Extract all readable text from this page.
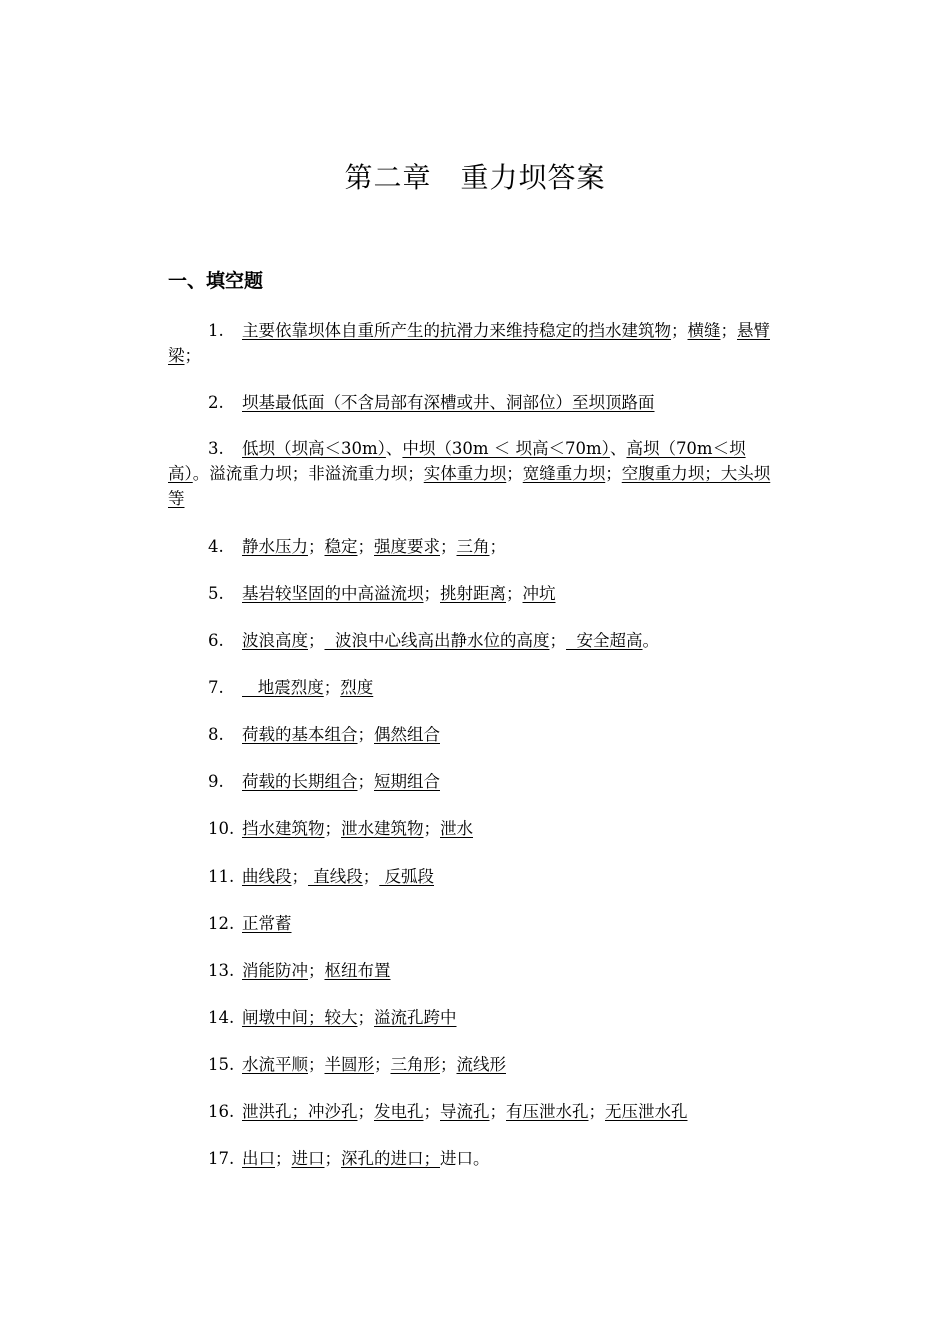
第二章　重力坝答案
一、填空题
1. 主要依靠坝体自重所产生的抗滑力来维持稳定的挡水建筑物；横缝；悬臂梁；
2. 坝基最低面（不含局部有深槽或井、洞部位）至坝顶路面
3. 低坝（坝高＜30m）、中坝（30m ＜ 坝高＜70m）、高坝（70m＜坝高）。溢流重力坝；非溢流重力坝；实体重力坝；宽缝重力坝；空腹重力坝；大头坝等
4. 静水压力；稳定；强度要求；三角；
5. 基岩较坚固的中高溢流坝；挑射距离；冲坑
6. 波浪高度；  波浪中心线高出静水位的高度；  安全超高。
7.   地震烈度；烈度
8. 荷载的基本组合；偶然组合
9. 荷载的长期组合；短期组合
10. 挡水建筑物；泄水建筑物；泄水
11. 曲线段； 直线段； 反弧段
12. 正常蓄
13. 消能防冲；枢纽布置
14. 闸墩中间；较大；溢流孔跨中
15. 水流平顺；半圆形；三角形；流线形
16. 泄洪孔；冲沙孔；发电孔；导流孔；有压泄水孔；无压泄水孔
17. 出口；进口；深孔的进口；进口。
